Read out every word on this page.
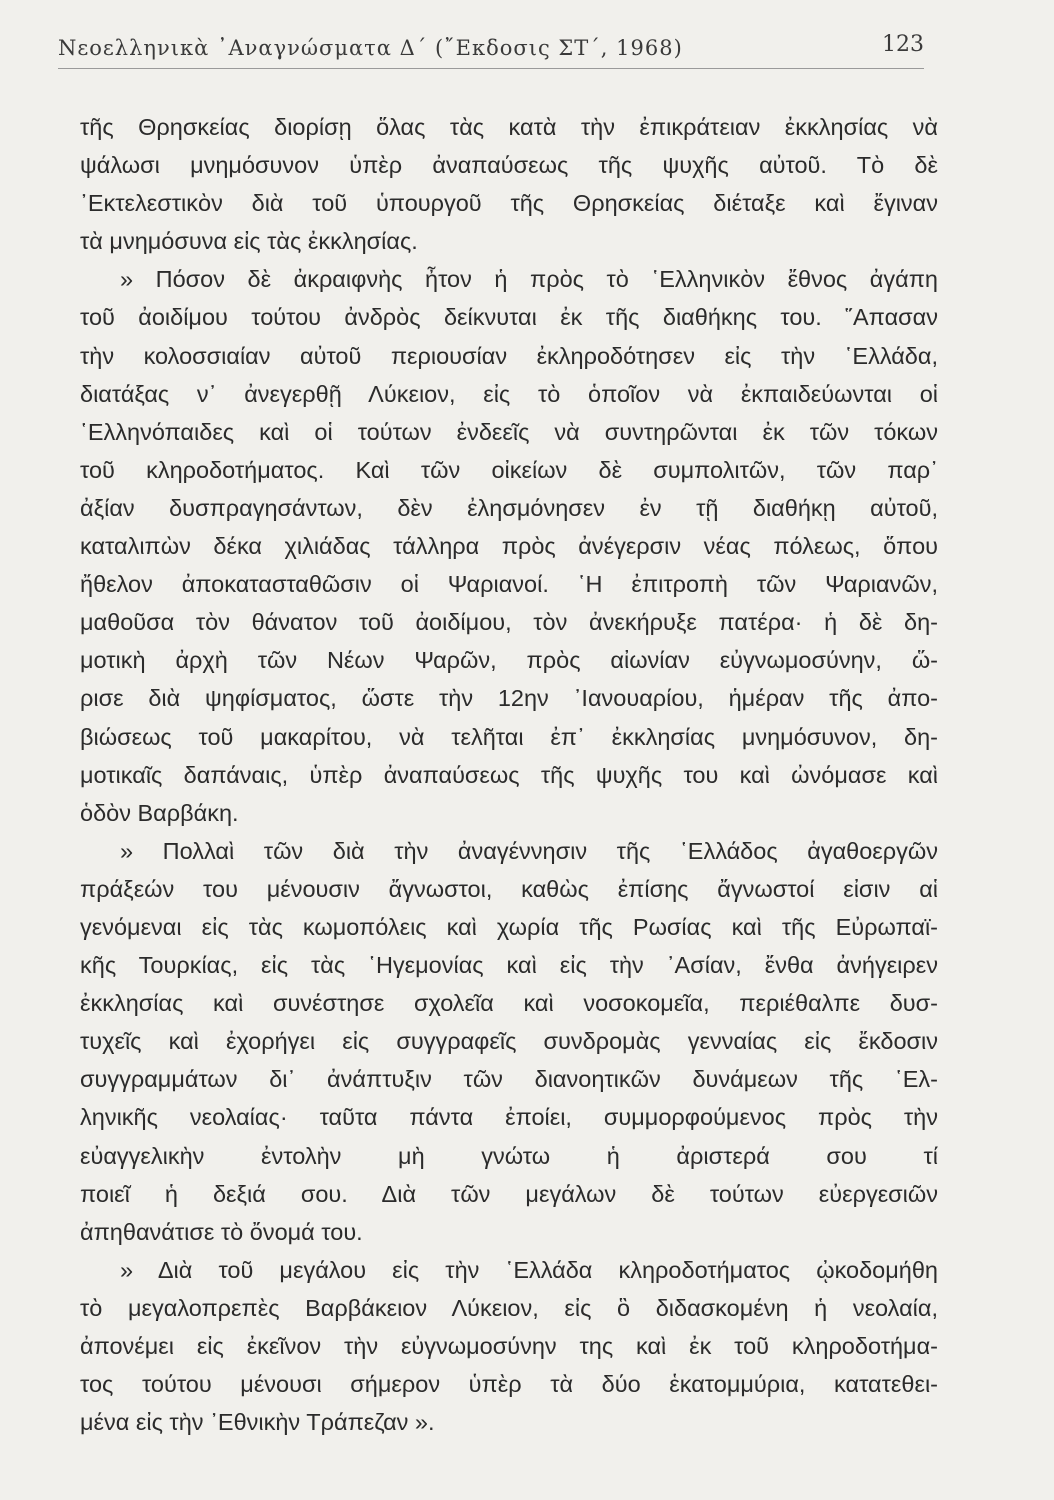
Νεοελληνικὰ ᾿Αναγνώσματα Δ΄ (῎Εκδοσις ΣΤ΄, 1968)	123
τῆς Θρησκείας διορίσῃ ὅλας τὰς κατὰ τὴν ἐπικράτειαν ἐκκλησίας νὰ
ψάλωσι μνημόσυνον ὑπὲρ ἀναπαύσεως τῆς ψυχῆς αὐτοῦ. Τὸ δὲ
᾿Εκτελεστικὸν διὰ τοῦ ὑπουργοῦ τῆς Θρησκείας διέταξε καὶ ἔγιναν
τὰ μνημόσυνα εἰς τὰς ἐκκλησίας.
» Πόσον δὲ ἀκραιφνὴς ἦτον ἡ πρὸς τὸ ῾Ελληνικὸν ἔθνος ἀγάπη
τοῦ ἀοιδίμου τούτου ἀνδρὸς δείκνυται ἐκ τῆς διαθήκης του. ῞Απασαν
τὴν κολοσσιαίαν αὐτοῦ περιουσίαν ἐκληροδότησεν εἰς τὴν ῾Ελλάδα,
διατάξας ν᾿ ἀνεγερθῇ Λύκειον, εἰς τὸ ὁποῖον νὰ ἐκπαιδεύωνται οἱ
῾Ελληνόπαιδες καὶ οἱ τούτων ἐνδεεῖς νὰ συντηρῶνται ἐκ τῶν τόκων
τοῦ κληροδοτήματος. Καὶ τῶν οἰκείων δὲ συμπολιτῶν, τῶν παρ᾿
ἀξίαν δυσπραγησάντων, δὲν ἐλησμόνησεν ἐν τῇ διαθήκῃ αὐτοῦ,
καταλιπὼν δέκα χιλιάδας τάλληρα πρὸς ἀνέγερσιν νέας πόλεως, ὅπου
ἤθελον ἀποκατασταθῶσιν οἱ Ψαριανοί. ῾Η ἐπιτροπὴ τῶν Ψαριανῶν,
μαθοῦσα τὸν θάνατον τοῦ ἀοιδίμου, τὸν ἀνεκήρυξε πατέρα· ἡ δὲ δη-
μοτικὴ ἀρχὴ τῶν Νέων Ψαρῶν, πρὸς αἰωνίαν εὐγνωμοσύνην, ὥ-
ρισε διὰ ψηφίσματος, ὥστε τὴν 12ην ᾿Ιανουαρίου, ἡμέραν τῆς ἀπο-
βιώσεως τοῦ μακαρίτου, νὰ τελῆται ἐπ᾿ ἐκκλησίας μνημόσυνον, δη-
μοτικαῖς δαπάναις, ὑπὲρ ἀναπαύσεως τῆς ψυχῆς του καὶ ὠνόμασε καὶ
ὁδὸν Βαρβάκη.
» Πολλαὶ τῶν διὰ τὴν ἀναγέννησιν τῆς ῾Ελλάδος ἀγαθοεργῶν
πράξεών του μένουσιν ἄγνωστοι, καθὼς ἐπίσης ἄγνωστοί εἰσιν αἱ
γενόμεναι εἰς τὰς κωμοπόλεις καὶ χωρία τῆς Ρωσίας καὶ τῆς Εὐρωπαϊ-
κῆς Τουρκίας, εἰς τὰς ῾Ηγεμονίας καὶ εἰς τὴν ᾿Ασίαν, ἔνθα ἀνήγειρεν
ἐκκλησίας καὶ συνέστησε σχολεῖα καὶ νοσοκομεῖα, περιέθαλπε δυσ-
τυχεῖς καὶ ἐχορήγει εἰς συγγραφεῖς συνδρομὰς γενναίας εἰς ἔκδοσιν
συγγραμμάτων δι᾿ ἀνάπτυξιν τῶν διανοητικῶν δυνάμεων τῆς ῾Ελ-
ληνικῆς νεολαίας· ταῦτα πάντα ἐποίει, συμμορφούμενος πρὸς τὴν
εὐαγγελικὴν ἐντολὴν μὴ γνώτω ἡ ἀριστερά σου τί
ποιεῖ ἡ δεξιά σου. Διὰ τῶν μεγάλων δὲ τούτων εὐεργεσιῶν
ἀπηθανάτισε τὸ ὄνομά του.
» Διὰ τοῦ μεγάλου εἰς τὴν ῾Ελλάδα κληροδοτήματος ᾠκοδομήθη
τὸ μεγαλοπρεπὲς Βαρβάκειον Λύκειον, εἰς ὃ διδασκομένη ἡ νεολαία,
ἀπονέμει εἰς ἐκεῖνον τὴν εὐγνωμοσύνην της καὶ ἐκ τοῦ κληροδοτήμα-
τος τούτου μένουσι σήμερον ὑπὲρ τὰ δύο ἑκατομμύρια, κατατεθει-
μένα εἰς τὴν ᾿Εθνικὴν Τράπεζαν ».
